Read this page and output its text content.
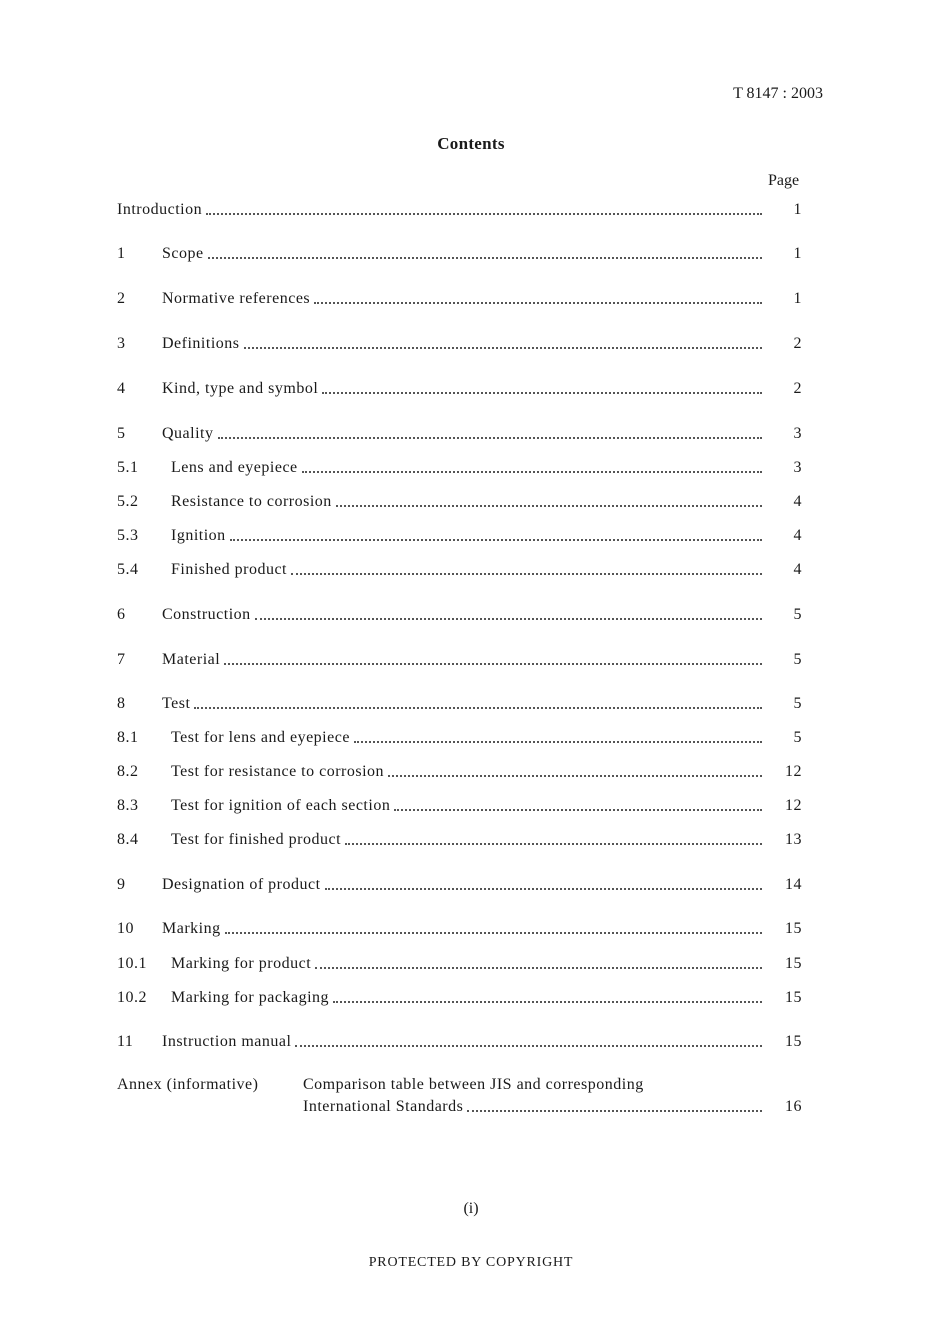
T 8147 : 2003
Contents
Page
Introduction	1
1	Scope	1
2	Normative references	1
3	Definitions	2
4	Kind, type and symbol	2
5	Quality	3
5.1	Lens and eyepiece	3
5.2	Resistance to corrosion	4
5.3	Ignition	4
5.4	Finished product	4
6	Construction	5
7	Material	5
8	Test	5
8.1	Test for lens and eyepiece	5
8.2	Test for resistance to corrosion	12
8.3	Test for ignition of each section	12
8.4	Test for finished product	13
9	Designation of product	14
10	Marking	15
10.1	Marking for product	15
10.2	Marking for packaging	15
11	Instruction manual	15
Annex (informative)	Comparison table between JIS and corresponding
International Standards	16
(i)
PROTECTED BY COPYRIGHT
